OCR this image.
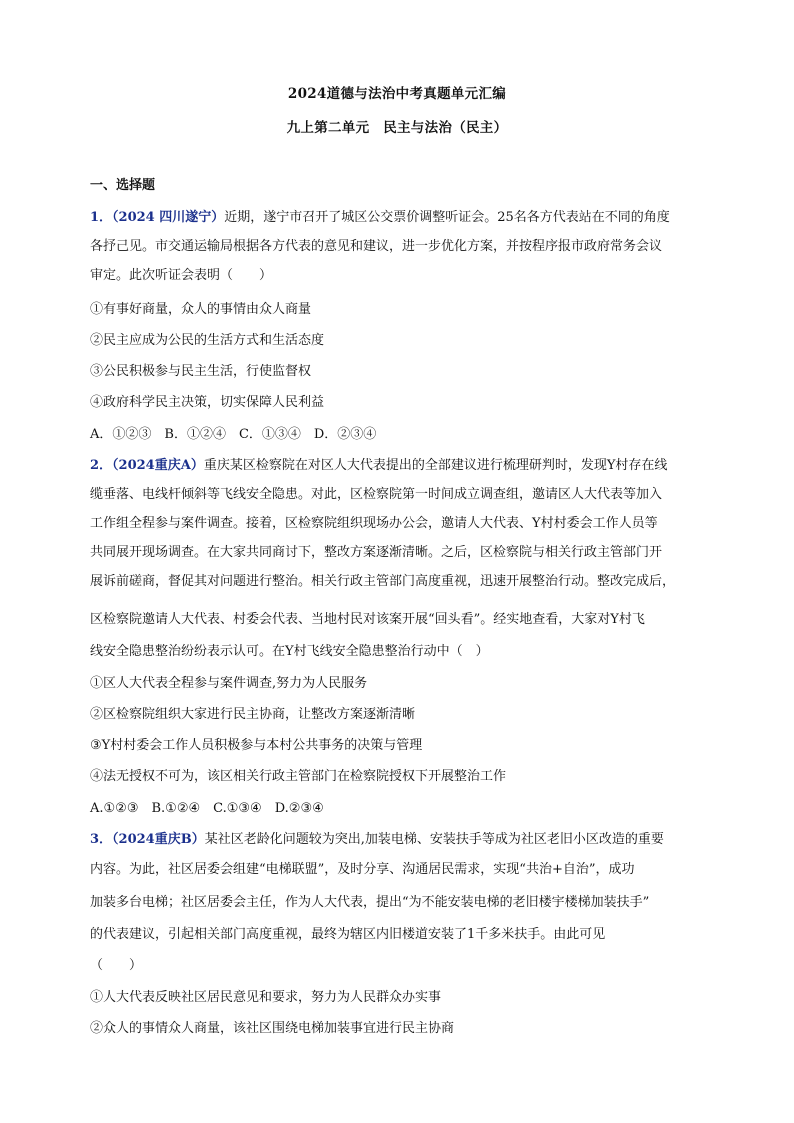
2024道德与法治中考真题单元汇编
九上第二单元　民主与法治（民主）
一、选择题
1．（2024 四川遂宁）近期，遂宁市召开了城区公交票价调整听证会。25名各方代表站在不同的角度
各抒己见。市交通运输局根据各方代表的意见和建议，进一步优化方案，并按程序报市政府常务会议
审定。此次听证会表明（　　）
①有事好商量，众人的事情由众人商量
②民主应成为公民的生活方式和生活态度
③公民积极参与民主生活，行使监督权
④政府科学民主决策，切实保障人民利益
A．①②③　B．①②④　C．①③④　D．②③④
2．（2024重庆A）重庆某区检察院在对区人大代表提出的全部建议进行梳理研判时，发现Y村存在线
缆垂落、电线杆倾斜等飞线安全隐患。对此，区检察院第一时间成立调查组，邀请区人大代表等加入
工作组全程参与案件调查。接着，区检察院组织现场办公会，邀请人大代表、Y村村委会工作人员等
共同展开现场调查。在大家共同商讨下，整改方案逐渐清晰。之后，区检察院与相关行政主管部门开
展诉前磋商，督促其对问题进行整治。相关行政主管部门高度重视，迅速开展整治行动。整改完成后，
区检察院邀请人大代表、村委会代表、当地村民对该案开展“回头看”。经实地查看，大家对Y村飞
线安全隐患整治纷纷表示认可。在Y村飞线安全隐患整治行动中（　）
①区人大代表全程参与案件调查,努力为人民服务
②区检察院组织大家进行民主协商，让整改方案逐渐清晰
③Y村村委会工作人员积极参与本村公共事务的决策与管理
④法无授权不可为，该区相关行政主管部门在检察院授权下开展整治工作
A.①②③　B.①②④　C.①③④　D.②③④
3．（2024重庆B）某社区老龄化问题较为突出,加装电梯、安装扶手等成为社区老旧小区改造的重要
内容。为此，社区居委会组建“电梯联盟”，及时分享、沟通居民需求，实现“共治+自治”，成功
加装多台电梯；社区居委会主任，作为人大代表，提出“为不能安装电梯的老旧楼宇楼梯加装扶手”
的代表建议，引起相关部门高度重视，最终为辖区内旧楼道安装了1千多米扶手。由此可见
（　　）
①人大代表反映社区居民意见和要求，努力为人民群众办实事
②众人的事情众人商量，该社区围绕电梯加装事宜进行民主协商
